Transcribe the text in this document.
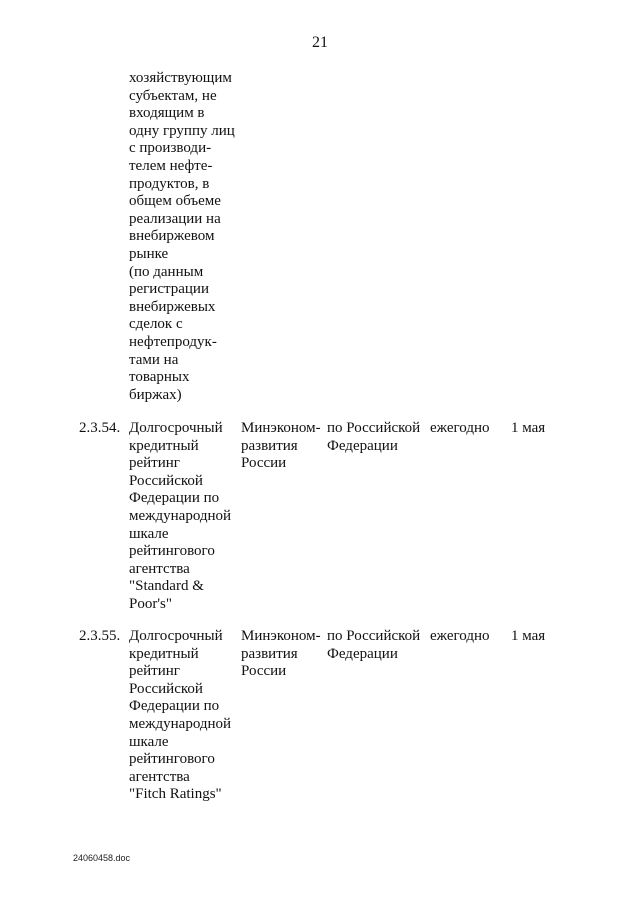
21
хозяйствующим
субъектам, не
входящим в
одну группу лиц
с производи-
телем нефте-
продуктов, в
общем объеме
реализации на
внебиржевом
рынке
(по данным
регистрации
внебиржевых
сделок с
нефтепродук-
тами на
товарных
биржах)
2.3.54. Долгосрочный
кредитный
рейтинг
Российской
Федерации по
международной
шкале
рейтингового
агентства
"Standard &
Poor's"
Минэконом-
развития
России
по Российской
Федерации
ежегодно 1 мая
2.3.55. Долгосрочный
кредитный
рейтинг
Российской
Федерации по
международной
шкале
рейтингового
агентства
"Fitch Ratings"
Минэконом-
развития
России
по Российской
Федерации
ежегодно 1 мая
24060458.doc
